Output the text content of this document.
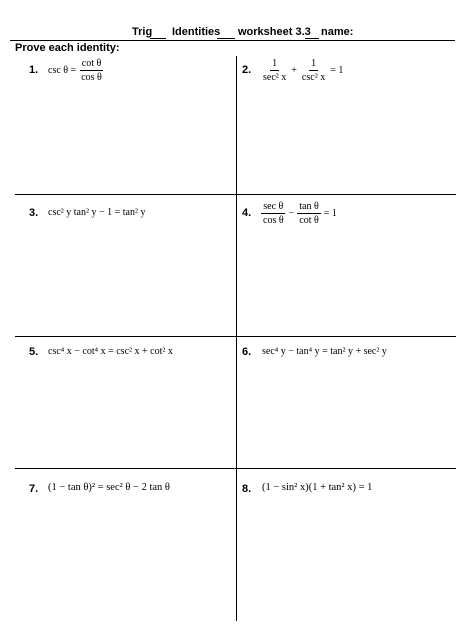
Trig Identities worksheet 3.3 name:
Prove each identity:
1. $\csc \theta = \frac{\text{cot θ}}{\text{cos θ}}$	2. $\frac{1}{\text{sec² x}} + \frac{1}{\text{csc² x}} = 1$
3. csc² y tan² y − 1 = tan² y	4. $\frac{\text{sec θ}}{\text{cos θ}} - \frac{\text{tan θ}}{\text{cot θ}} = 1$
5. csc⁴ x − cot⁴ x = csc² x + cot² x	6. sec⁴ y − tan⁴ y = tan² y + sec² y
7. (1 − tan θ)² = sec² θ − 2 tan θ	8. (1 − sin² x)(1 + tan² x) = 1
